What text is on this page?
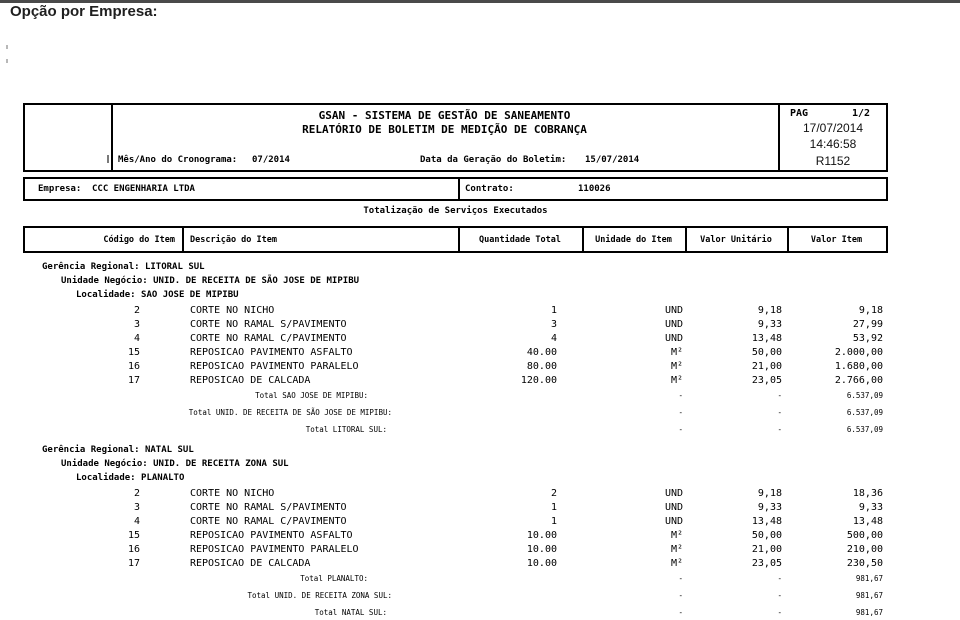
Opção por Empresa:
GSAN - SISTEMA DE GESTÃO DE SANEAMENTO
RELATÓRIO DE BOLETIM DE MEDIÇÃO DE COBRANÇA
Mês/Ano do Cronograma: 07/2014	Data da Geração do Boletim: 15/07/2014
PAG	1/2
17/07/2014
14:46:58
R1152
Empresa: CCC ENGENHARIA LTDA	Contrato:	110026
Totalização de Serviços Executados
Código do Item Descrição do Item	Quantidade Total	Unidade do Item	Valor Unitário	Valor Item
Gerência Regional: LITORAL SUL
Unidade Negócio: UNID. DE RECEITA DE SÃO JOSE DE MIPIBU
Localidade: SAO JOSE DE MIPIBU
2	CORTE NO NICHO	1	UND	9,18	9,18
3	CORTE NO RAMAL S/PAVIMENTO	3	UND	9,33	27,99
4	CORTE NO RAMAL C/PAVIMENTO	4	UND	13,48	53,92
15	REPOSICAO PAVIMENTO ASFALTO	40.00	M²	50,00	2.000,00
16	REPOSICAO PAVIMENTO PARALELO	80.00	M²	21,00	1.680,00
17	REPOSICAO DE CALCADA	120.00	M²	23,05	2.766,00
Total SAO JOSE DE MIPIBU:	-	-	6.537,09
Total UNID. DE RECEITA DE SÃO JOSE DE MIPIBU:	-	-	6.537,09
Total LITORAL SUL:	-	-	6.537,09
Gerência Regional: NATAL SUL
Unidade Negócio: UNID. DE RECEITA ZONA SUL
Localidade: PLANALTO
2	CORTE NO NICHO	2	UND	9,18	18,36
3	CORTE NO RAMAL S/PAVIMENTO	1	UND	9,33	9,33
4	CORTE NO RAMAL C/PAVIMENTO	1	UND	13,48	13,48
15	REPOSICAO PAVIMENTO ASFALTO	10.00	M²	50,00	500,00
16	REPOSICAO PAVIMENTO PARALELO	10.00	M²	21,00	210,00
17	REPOSICAO DE CALCADA	10.00	M²	23,05	230,50
Total PLANALTO:	-	-	981,67
Total UNID. DE RECEITA ZONA SUL:	-	-	981,67
Total NATAL SUL:	-	-	981,67
